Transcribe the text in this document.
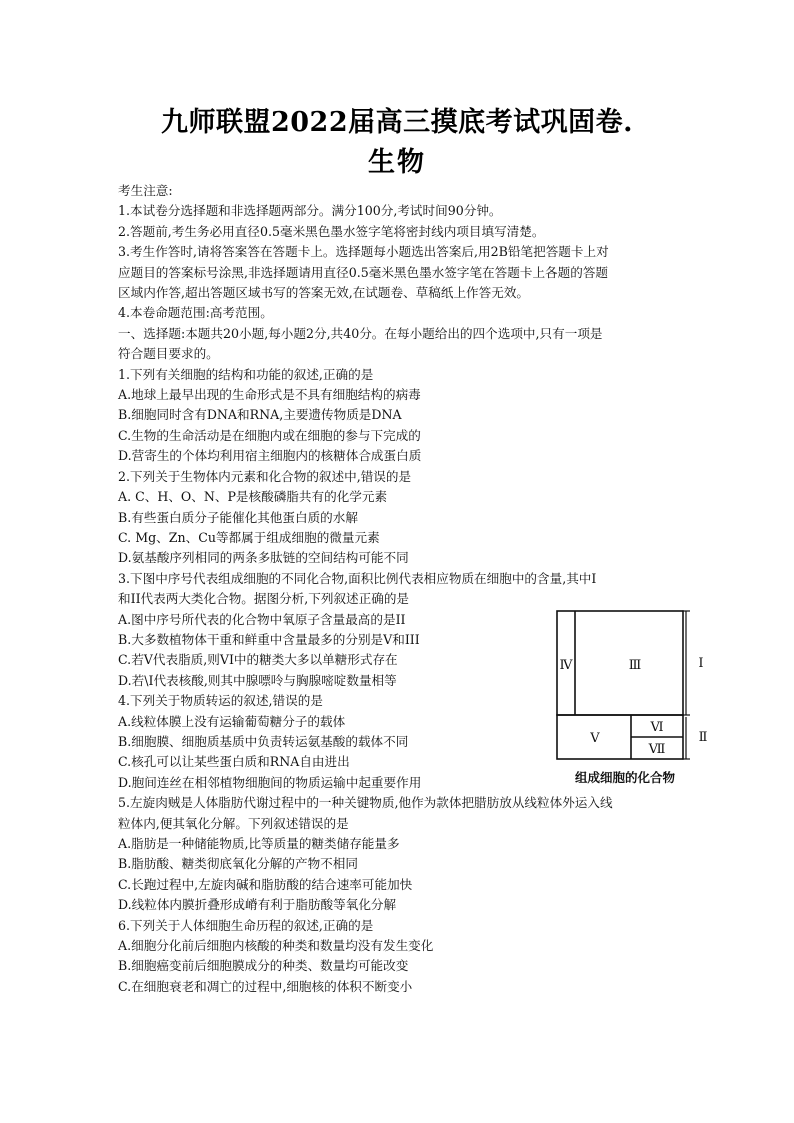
九师联盟2022届高三摸底考试巩固卷.
生物
考生注意:
1.本试卷分选择题和非选择题两部分。满分100分,考试时间90分钟。
2.答题前,考生务必用直径0.5毫米黑色墨水签字笔将密封线内项目填写清楚。
3.考生作答时,请将答案答在答题卡上。选择题每小题选出答案后,用2B铅笔把答题卡上对
应题目的答案标号涂黑,非选择题请用直径0.5毫米黑色墨水签字笔在答题卡上各题的答题
区域内作答,超出答题区域书写的答案无效,在试题卷、草稿纸上作答无效。
4.本卷命题范围:高考范围。
一、选择题:本题共20小题,每小题2分,共40分。在每小题给出的四个选项中,只有一项是
符合题目要求的。
1.下列有关细胞的结构和功能的叙述,正确的是
A.地球上最早出现的生命形式是不具有细胞结构的病毒
B.细胞同时含有DNA和RNA,主要遗传物质是DNA
C.生物的生命活动是在细胞内或在细胞的参与下完成的
D.营寄生的个体均利用宿主细胞内的核糖体合成蛋白质
2.下列关于生物体内元素和化合物的叙述中,错误的是
A. C、H、O、N、P是核酸磷脂共有的化学元素
B.有些蛋白质分子能催化其他蛋白质的水解
C. Mg、Zn、Cu等都属于组成细胞的微量元素
D.氨基酸序列相同的两条多肽链的空间结构可能不同
3.下图中序号代表组成细胞的不同化合物,面积比例代表相应物质在细胞中的含量,其中I
和II代表两大类化合物。据图分析,下列叙述正确的是
A.图中序号所代表的化合物中氧原子含量最高的是II
B.大多数植物体干重和鲜重中含量最多的分别是V和III
C.若V代表脂质,则VI中的糖类大多以单糖形式存在
D.若\I代表核酸,则其中腺嘌呤与胸腺嘧啶数量相等
4.下列关于物质转运的叙述,错误的是
A.线粒体膜上没有运输葡萄糖分子的载体
B.细胞膜、细胞质基质中负责转运氨基酸的载体不同
C.核孔可以让某些蛋白质和RNA自由进出
D.胞间连丝在相邻植物细胞间的物质运输中起重要作用
5.左旋肉贼是人体脂肪代谢过程中的一种关键物质,他作为款体把腊肪放从线粒体外运入线
粒体内,便其氧化分解。下列叙述错误的是
A.脂肪是一种储能物质,比等质量的糖类储存能量多
B.脂肪酸、糖类彻底氧化分解的产物不相同
C.长跑过程中,左旋肉碱和脂肪酸的结合速率可能加快
D.线粒体内膜折叠形成嵴有利于脂肪酸等氧化分解
6.下列关于人体细胞生命历程的叙述,正确的是
A.细胞分化前后细胞内核酸的种类和数量均没有发生变化
B.细胞癌变前后细胞膜成分的种类、数量均可能改变
C.在细胞衰老和凋亡的过程中,细胞核的体积不断变小
Ⅳ	Ⅲ
Ⅴ
Ⅵ
Ⅶ
Ⅰ
Ⅱ
组成细胞的化合物
